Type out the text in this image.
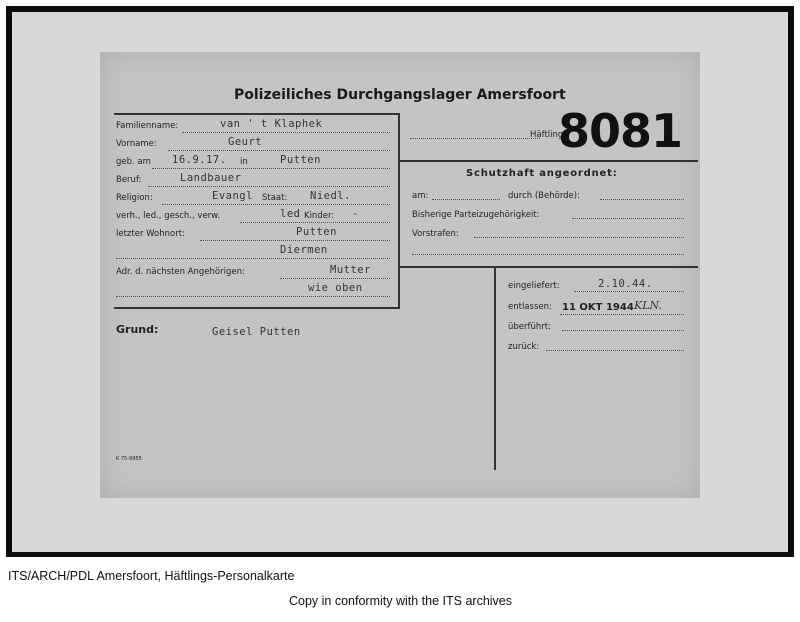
Polizeiliches Durchgangslager Amersfoort
Familienname:	van ' t Klaphek
Vorname:	Geurt
geb. am 16.9.17. in	Putten
Beruf:	Landbauer
Religion:	Evangl Staat: Niedl.
verh., led., gesch., verw.	led Kinder: -
letzter Wohnort:	Putten
Diermen
Adr. d. nächsten Angehörigen:	Mutter
wie oben
Grund:	Geisel Putten
Häftling
8081
Schutzhaft angeordnet:
am:	durch (Behörde):
Bisherige Parteizugehörigkeit:
Vorstrafen:
eingeliefert:	2.10.44.
entlassen: 11 OKT 1944 KLN.
überführt:
zurück:
K 75-9955
ITS/ARCH/PDL Amersfoort, Häftlings-Personalkarte
Copy in conformity with the ITS archives
